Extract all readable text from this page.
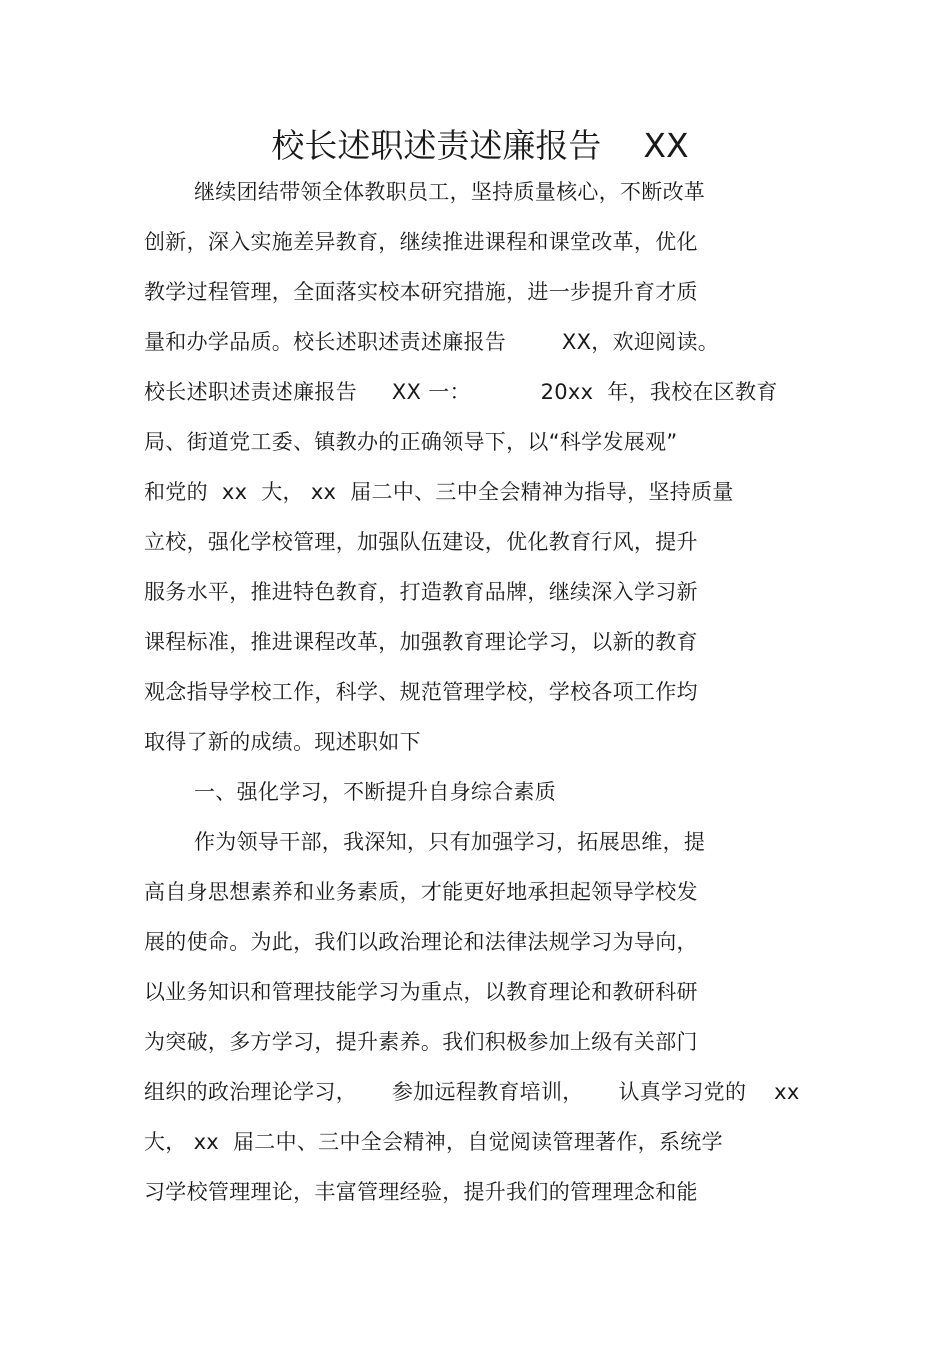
校长述职述责述廉报告    XX
继续团结带领全体教职员工，坚持质量核心，不断改革
创新，深入实施差异教育，继续推进课程和课堂改革，优化
教学过程管理，全面落实校本研究措施，进一步提升育才质
量和办学品质。校长述职述责述廉报告        XX，欢迎阅读。
校长述职述责述廉报告     XX 一：          20xx  年，我校在区教育
局、街道党工委、镇教办的正确领导下，以“科学发展观”
和党的  xx  大， xx  届二中、三中全会精神为指导，坚持质量
立校，强化学校管理，加强队伍建设，优化教育行风，提升
服务水平，推进特色教育，打造教育品牌，继续深入学习新
课程标准，推进课程改革，加强教育理论学习，以新的教育
观念指导学校工作，科学、规范管理学校，学校各项工作均
取得了新的成绩。现述职如下
一、强化学习，不断提升自身综合素质
作为领导干部，我深知，只有加强学习，拓展思维，提
高自身思想素养和业务素质，才能更好地承担起领导学校发
展的使命。为此，我们以政治理论和法律法规学习为导向，
以业务知识和管理技能学习为重点，以教育理论和教研科研
为突破，多方学习，提升素养。我们积极参加上级有关部门
组织的政治理论学习，     参加远程教育培训，     认真学习党的    xx
大， xx  届二中、三中全会精神，自觉阅读管理著作，系统学
习学校管理理论，丰富管理经验，提升我们的管理理念和能
